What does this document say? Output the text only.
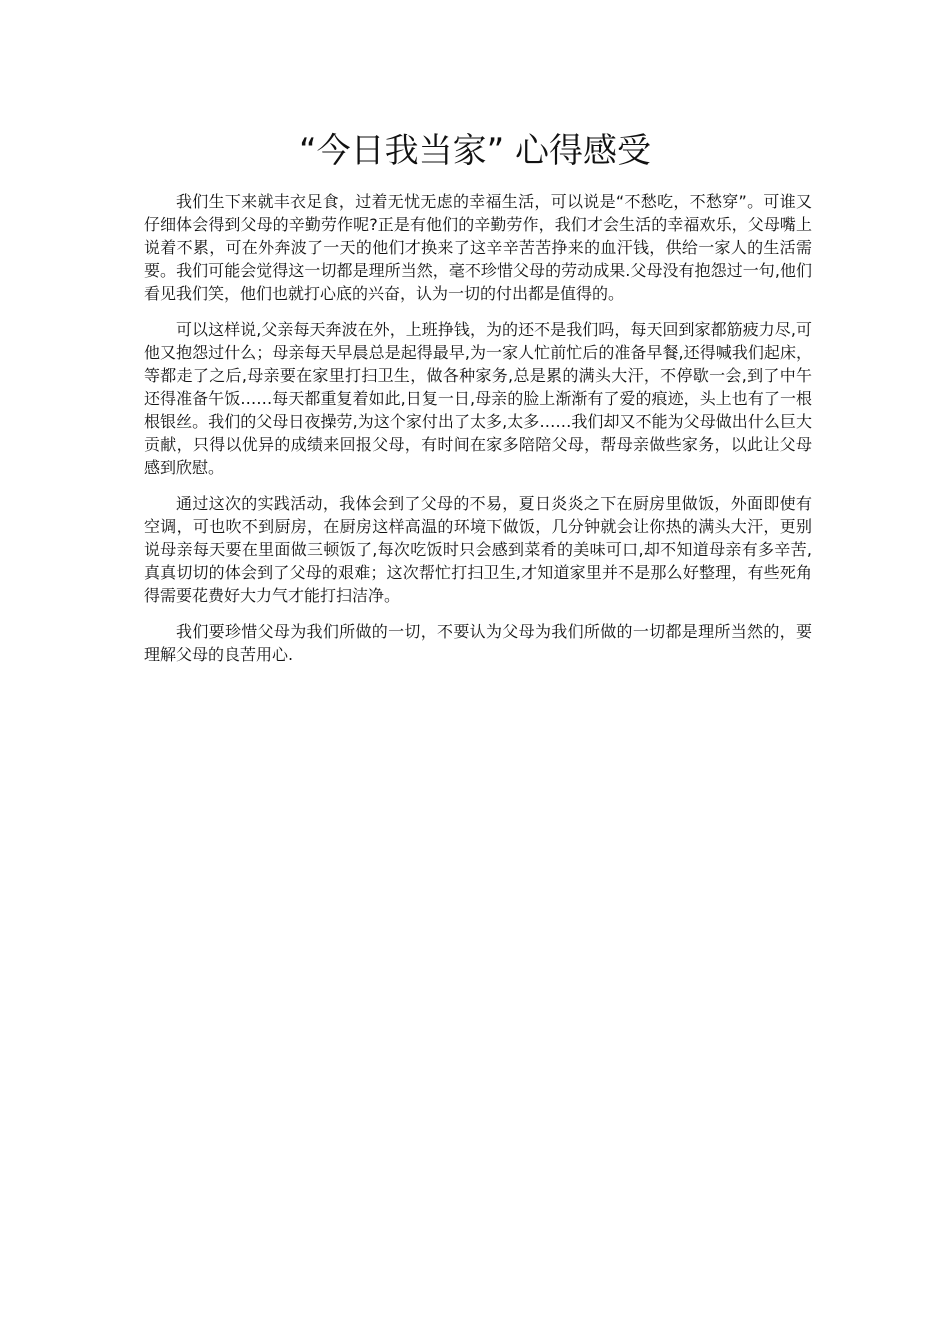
“今日我当家” 心得感受

我们生下来就丰衣足食，过着无忧无虑的幸福生活，可以说是“不愁吃，不愁穿”。可谁又仔细体会得到父母的辛勤劳作呢?正是有他们的辛勤劳作，我们才会生活的幸福欢乐，父母嘴上说着不累，可在外奔波了一天的他们才换来了这辛辛苦苦挣来的血汗钱，供给一家人的生活需要。我们可能会觉得这一切都是理所当然，毫不珍惜父母的劳动成果.父母没有抱怨过一句,他们看见我们笑，他们也就打心底的兴奋，认为一切的付出都是值得的。

可以这样说,父亲每天奔波在外，上班挣钱，为的还不是我们吗，每天回到家都筋疲力尽,可他又抱怨过什么；母亲每天早晨总是起得最早,为一家人忙前忙后的准备早餐,还得喊我们起床，等都走了之后,母亲要在家里打扫卫生，做各种家务,总是累的满头大汗，不停歇一会,到了中午还得准备午饭……每天都重复着如此,日复一日,母亲的脸上渐渐有了爱的痕迹，头上也有了一根根银丝。我们的父母日夜操劳,为这个家付出了太多,太多……我们却又不能为父母做出什么巨大贡献，只得以优异的成绩来回报父母，有时间在家多陪陪父母，帮母亲做些家务，以此让父母感到欣慰。

通过这次的实践活动，我体会到了父母的不易，夏日炎炎之下在厨房里做饭，外面即使有空调，可也吹不到厨房，在厨房这样高温的环境下做饭，几分钟就会让你热的满头大汗，更别说母亲每天要在里面做三顿饭了,每次吃饭时只会感到菜肴的美味可口,却不知道母亲有多辛苦,真真切切的体会到了父母的艰难；这次帮忙打扫卫生,才知道家里并不是那么好整理，有些死角得需要花费好大力气才能打扫洁净。

我们要珍惜父母为我们所做的一切，不要认为父母为我们所做的一切都是理所当然的，要理解父母的良苦用心.
